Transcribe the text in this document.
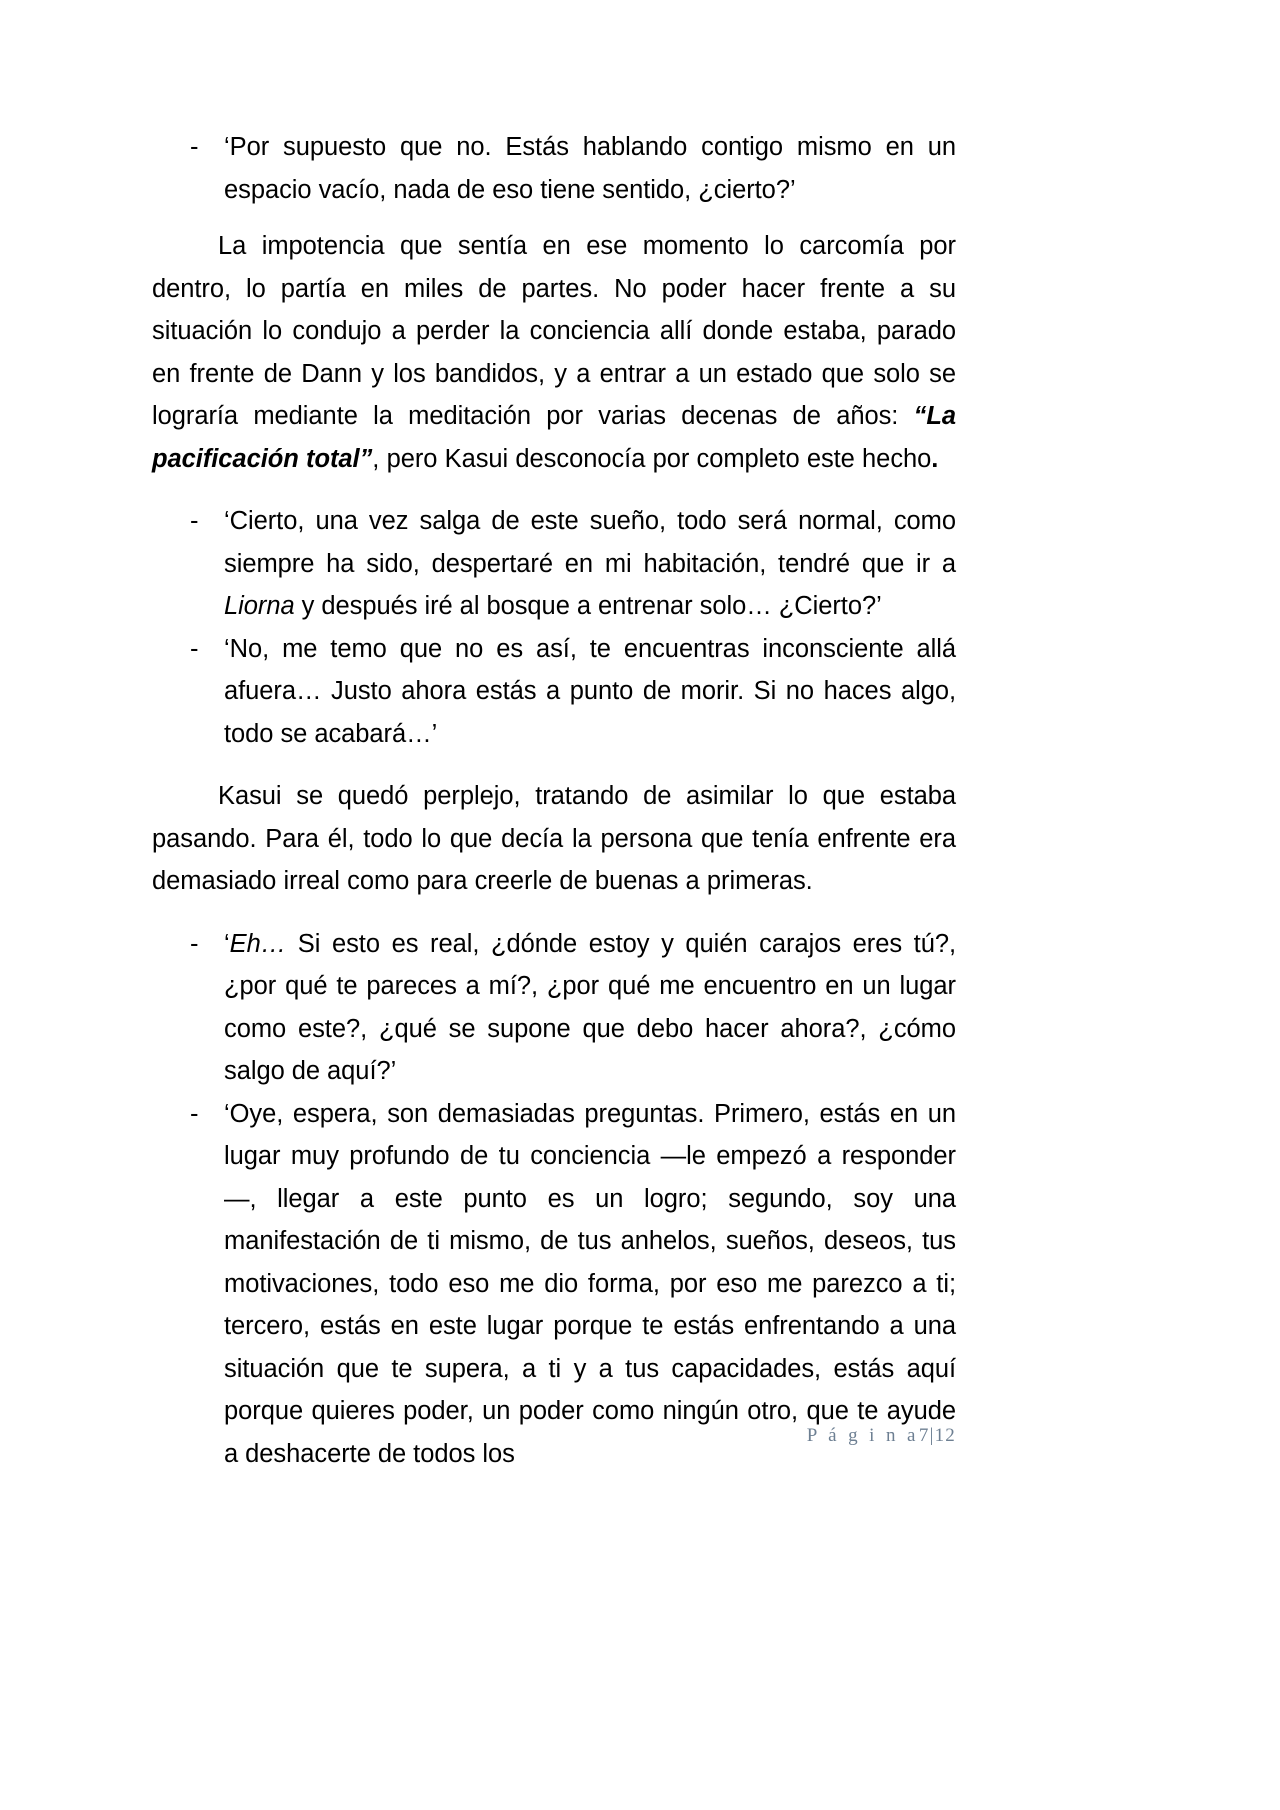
- ‘Por supuesto que no. Estás hablando contigo mismo en un espacio vacío, nada de eso tiene sentido, ¿cierto?’

La impotencia que sentía en ese momento lo carcomía por dentro, lo partía en miles de partes. No poder hacer frente a su situación lo condujo a perder la conciencia allí donde estaba, parado en frente de Dann y los bandidos, y a entrar a un estado que solo se lograría mediante la meditación por varias decenas de años: “La pacificación total”, pero Kasui desconocía por completo este hecho.

- ‘Cierto, una vez salga de este sueño, todo será normal, como siempre ha sido, despertaré en mi habitación, tendré que ir a Liorna y después iré al bosque a entrenar solo… ¿Cierto?’
- ‘No, me temo que no es así, te encuentras inconsciente allá afuera… Justo ahora estás a punto de morir. Si no haces algo, todo se acabará…’

Kasui se quedó perplejo, tratando de asimilar lo que estaba pasando. Para él, todo lo que decía la persona que tenía enfrente era demasiado irreal como para creerle de buenas a primeras.

- ‘Eh… Si esto es real, ¿dónde estoy y quién carajos eres tú?, ¿por qué te pareces a mí?, ¿por qué me encuentro en un lugar como este?, ¿qué se supone que debo hacer ahora?, ¿cómo salgo de aquí?’
- ‘Oye, espera, son demasiadas preguntas. Primero, estás en un lugar muy profundo de tu conciencia —le empezó a responder—, llegar a este punto es un logro; segundo, soy una manifestación de ti mismo, de tus anhelos, sueños, deseos, tus motivaciones, todo eso me dio forma, por eso me parezco a ti; tercero, estás en este lugar porque te estás enfrentando a una situación que te supera, a ti y a tus capacidades, estás aquí porque quieres poder, un poder como ningún otro, que te ayude a deshacerte de todos los
P á g i n a7|12
